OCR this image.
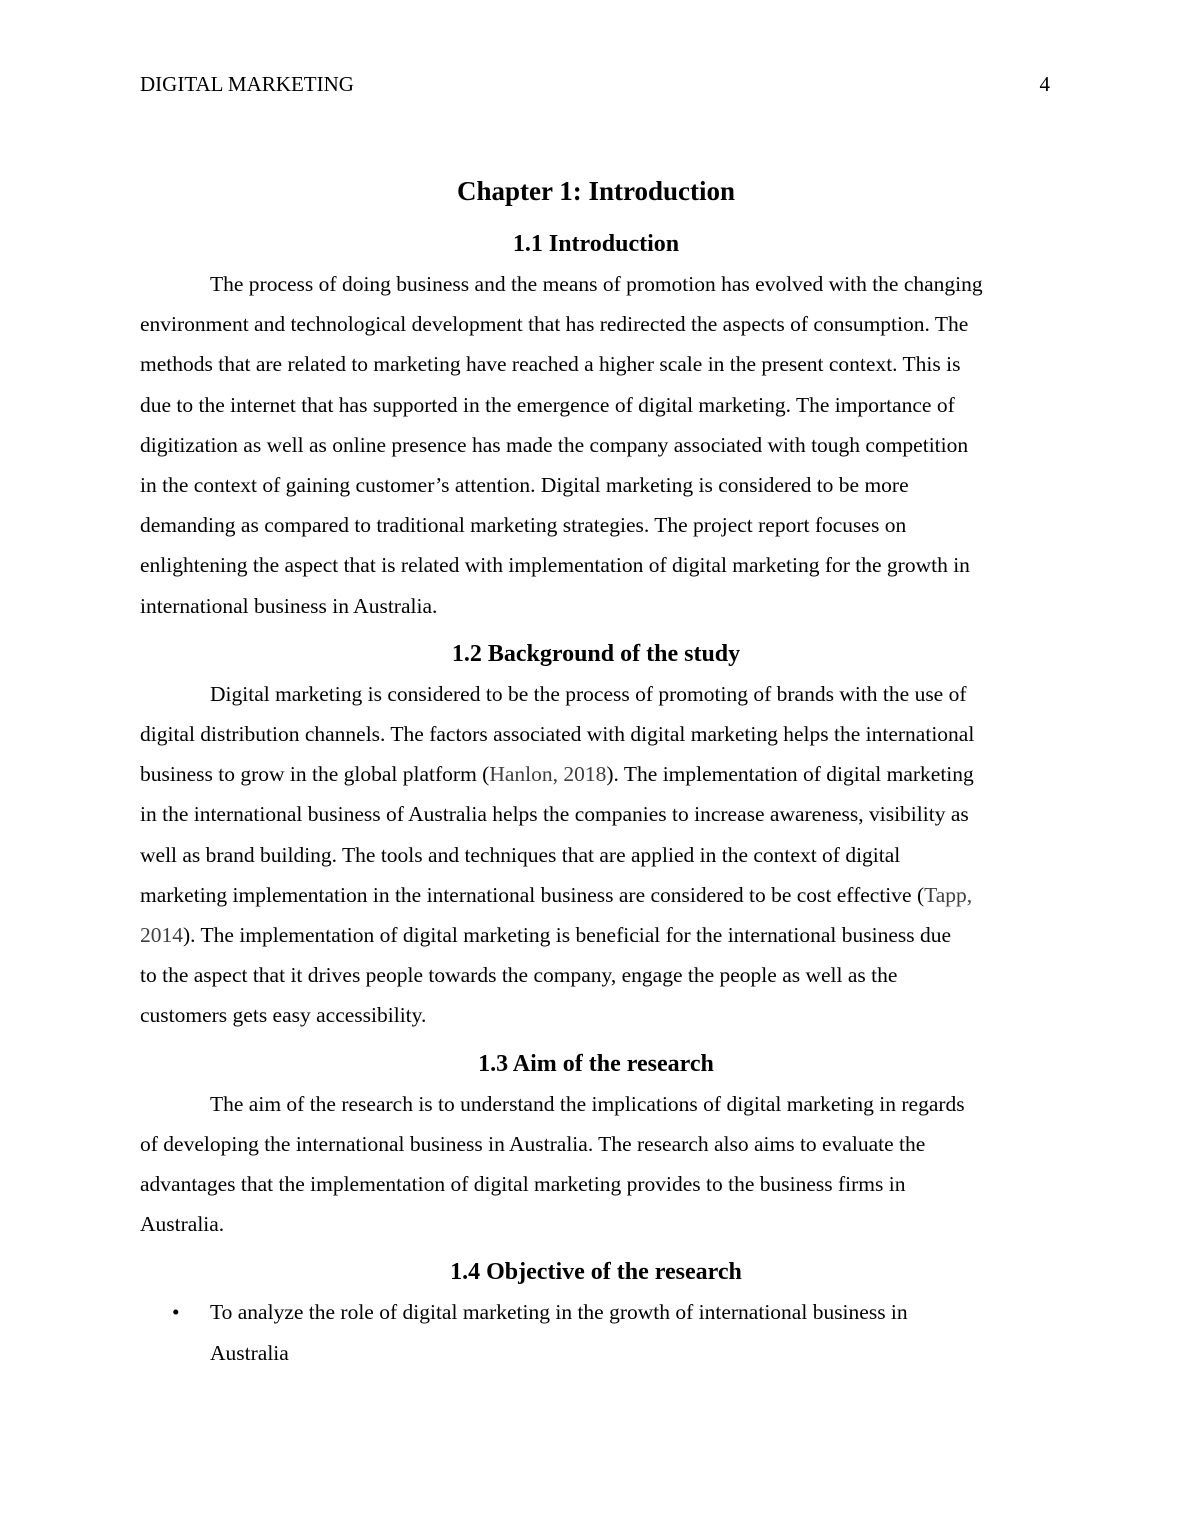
DIGITAL MARKETING	4
Chapter 1: Introduction
1.1 Introduction

The process of doing business and the means of promotion has evolved with the changing
environment and technological development that has redirected the aspects of consumption. The
methods that are related to marketing have reached a higher scale in the present context. This is
due to the internet that has supported in the emergence of digital marketing. The importance of
digitization as well as online presence has made the company associated with tough competition
in the context of gaining customer’s attention. Digital marketing is considered to be more
demanding as compared to traditional marketing strategies. The project report focuses on
enlightening the aspect that is related with implementation of digital marketing for the growth in
international business in Australia.

1.2 Background of the study

Digital marketing is considered to be the process of promoting of brands with the use of
digital distribution channels. The factors associated with digital marketing helps the international
business to grow in the global platform (Hanlon, 2018). The implementation of digital marketing
in the international business of Australia helps the companies to increase awareness, visibility as
well as brand building. The tools and techniques that are applied in the context of digital
marketing implementation in the international business are considered to be cost effective (Tapp,
2014). The implementation of digital marketing is beneficial for the international business due
to the aspect that it drives people towards the company, engage the people as well as the
customers gets easy accessibility.

1.3 Aim of the research

The aim of the research is to understand the implications of digital marketing in regards
of developing the international business in Australia. The research also aims to evaluate the
advantages that the implementation of digital marketing provides to the business firms in
Australia.

1.4 Objective of the research
• To analyze the role of digital marketing in the growth of international business in
Australia
